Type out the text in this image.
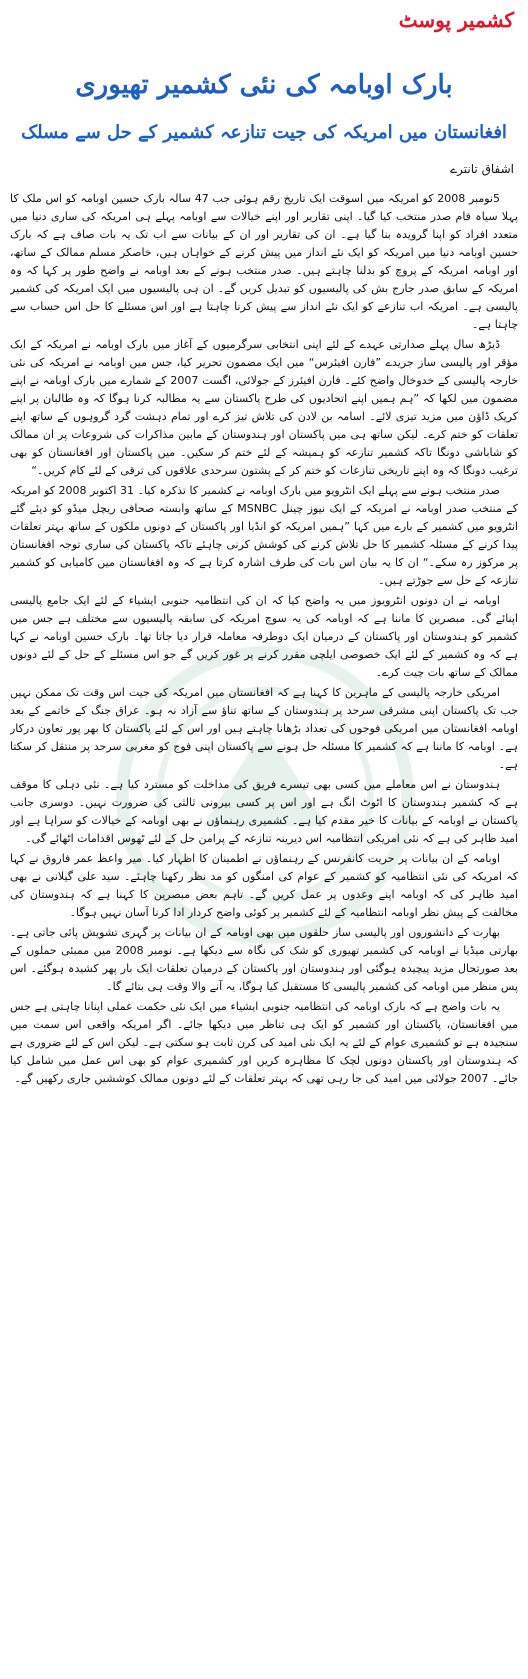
کشمیر پوسٹ
بارک اوبامہ کی نئی کشمیر تھیوری
افغانستان میں امریکہ کی جیت تنازعہ کشمیر کے حل سے مسلک
اشفاق تانترے

5نومبر 2008 کو امریکہ میں اسوقت ایک تاریخ رقم ہوئی جب 47 سالہ بارک حسین اوبامہ کو اس ملک کا پہلا سیاہ فام صدر منتخب کیا گیا۔ اپنی تقاریر اور اپنے خیالات سے اوبامہ پہلے ہی امریکہ کی ساری دنیا میں متعدد افراد کو اپنا گرویدہ بنا گیا ہے۔ ان کی تقاریر اور ان کے بیانات سے اب تک یہ بات صاف ہے کہ بارک حسین اوبامہ دنیا میں امریکہ کو ایک نئے انداز میں پیش کرنے کے خواہاں ہیں، خاصکر مسلم ممالک کے ساتھ، اور اوبامہ امریکہ کے پروچ کو بدلنا چاہتے ہیں۔ صدر منتخب ہونے کے بعد اوبامہ نے واضح طور پر کہا کہ وہ امریکہ کے سابق صدر جارج بش کی پالیسیوں کو تبدیل کریں گے۔ ان ہی پالیسیوں میں ایک امریکہ کی کشمیر پالیسی ہے۔ امریکہ اب تنازعے کو ایک نئے انداز سے پیش کرنا چاہتا ہے اور اس مسئلے کا حل اس حساب سے چاہتا ہے۔

ڈیڑھ سال پہلے صدارتی عہدے کے لئے اپنی انتخابی سرگرمیوں کے آغاز میں بارک اوبامہ نے امریکہ کے ایک مؤقر اور پالیسی ساز جریدے ”فارن افیئرس“ میں ایک مضمون تحریر کیا، جس میں اوبامہ نے امریکہ کی نئی خارجہ پالیسی کے خدوخال واضح کئے۔ فارن افیئرز کے جولائی، اگست 2007 کے شمارے میں بارک اوبامہ نے اپنے مضمون میں لکھا کہ ”ہم ہمیں اپنے اتحادیوں کی طرح پاکستان سے یہ مطالبہ کرنا ہوگا کہ وہ طالبان پر اپنے کریک ڈاؤن میں مزید تیزی لائے۔ اسامہ بن لادن کی تلاش تیز کرے اور تمام دہشت گرد گروہوں کے ساتھ اپنے تعلقات کو ختم کرے۔ لیکن ساتھ ہی میں پاکستان اور ہندوستان کے مابین مذاکرات کی شروعات پر ان ممالک کو شاباشی دونگا تاکہ کشمیر تنازعہ کو ہمیشہ کے لئے ختم کر سکیں۔ میں پاکستان اور افغانستان کو بھی ترغیب دونگا کہ وہ اپنے تاریخی تنازعات کو ختم کر کے پشتون سرحدی علاقوں کی ترقی کے لئے کام کریں۔“

صدر منتخب ہونے سے پہلے ایک انٹرویو میں بارک اوبامہ نے کشمیر کا تذکرہ کیا۔ 31 اکتوبر 2008 کو امریکہ کے منتخب صدر اوبامہ نے امریکہ کے ایک نیوز چینل MSNBC کے ساتھ وابستہ صحافی ریچل میڈو کو دیئے گئے انٹرویو میں کشمیر کے بارے میں کہا ”ہمیں امریکہ کو انڈیا اور پاکستان کے دونوں ملکوں کے ساتھ بہتر تعلقات پیدا کرنے کے مسئلہ کشمیر کا حل تلاش کرنے کی کوشش کرنی چاہئے تاکہ پاکستان کی ساری توجہ افغانستان پر مرکوز رہ سکے۔“ ان کا یہ بیان اس بات کی طرف اشارہ کرتا ہے کہ وہ افغانستان میں کامیابی کو کشمیر تنازعہ کے حل سے جوڑتے ہیں۔

اوبامہ نے ان دونوں انٹرویوز میں یہ واضح کیا کہ ان کی انتظامیہ جنوبی ایشیاء کے لئے ایک جامع پالیسی اپنائے گی۔ مبصرین کا ماننا ہے کہ اوبامہ کی یہ سوچ امریکہ کی سابقہ پالیسیوں سے مختلف ہے جس میں کشمیر کو ہندوستان اور پاکستان کے درمیان ایک دوطرفہ معاملہ قرار دیا جاتا تھا۔ بارک حسین اوبامہ نے کہا ہے کہ وہ کشمیر کے لئے ایک خصوصی ایلچی مقرر کرنے پر غور کریں گے جو اس مسئلے کے حل کے لئے دونوں ممالک کے ساتھ بات چیت کرے۔

امریکی خارجہ پالیسی کے ماہرین کا کہنا ہے کہ افغانستان میں امریکہ کی جیت اس وقت تک ممکن نہیں جب تک پاکستان اپنی مشرقی سرحد پر ہندوستان کے ساتھ تناؤ سے آزاد نہ ہو۔ عراق جنگ کے خاتمے کے بعد اوبامہ افغانستان میں امریکی فوجوں کی تعداد بڑھانا چاہتے ہیں اور اس کے لئے پاکستان کا بھر پور تعاون درکار ہے۔ اوبامہ کا ماننا ہے کہ کشمیر کا مسئلہ حل ہونے سے پاکستان اپنی فوج کو مغربی سرحد پر منتقل کر سکتا ہے۔

ہندوستان نے اس معاملے میں کسی بھی تیسرے فریق کی مداخلت کو مسترد کیا ہے۔ نئی دہلی کا موقف ہے کہ کشمیر ہندوستان کا اٹوٹ انگ ہے اور اس پر کسی بیرونی ثالثی کی ضرورت نہیں۔ دوسری جانب پاکستان نے اوبامہ کے بیانات کا خیر مقدم کیا ہے۔ کشمیری رہنماؤں نے بھی اوبامہ کے خیالات کو سراہا ہے اور امید ظاہر کی ہے کہ نئی امریکی انتظامیہ اس دیرینہ تنازعہ کے پرامن حل کے لئے ٹھوس اقدامات اٹھائے گی۔

اوبامہ کے ان بیانات پر حریت کانفرنس کے رہنماؤں نے اطمینان کا اظہار کیا۔ میر واعظ عمر فاروق نے کہا کہ امریکہ کی نئی انتظامیہ کو کشمیر کے عوام کی امنگوں کو مد نظر رکھنا چاہئے۔ سید علی گیلانی نے بھی امید ظاہر کی کہ اوبامہ اپنے وعدوں پر عمل کریں گے۔ تاہم بعض مبصرین کا کہنا ہے کہ ہندوستان کی مخالفت کے پیش نظر اوبامہ انتظامیہ کے لئے کشمیر پر کوئی واضح کردار ادا کرنا آسان نہیں ہوگا۔

بھارت کے دانشوروں اور پالیسی ساز حلقوں میں بھی اوبامہ کے ان بیانات پر گہری تشویش پائی جاتی ہے۔ بھارتی میڈیا نے اوبامہ کی کشمیر تھیوری کو شک کی نگاہ سے دیکھا ہے۔ نومبر 2008 میں ممبئی حملوں کے بعد صورتحال مزید پیچیدہ ہوگئی اور ہندوستان اور پاکستان کے درمیان تعلقات ایک بار پھر کشیدہ ہوگئے۔ اس پس منظر میں اوبامہ کی کشمیر پالیسی کا مستقبل کیا ہوگا، یہ آنے والا وقت ہی بتائے گا۔

یہ بات واضح ہے کہ بارک اوبامہ کی انتظامیہ جنوبی ایشیاء میں ایک نئی حکمت عملی اپنانا چاہتی ہے جس میں افغانستان، پاکستان اور کشمیر کو ایک ہی تناظر میں دیکھا جائے۔ اگر امریکہ واقعی اس سمت میں سنجیدہ ہے تو کشمیری عوام کے لئے یہ ایک نئی امید کی کرن ثابت ہو سکتی ہے۔ لیکن اس کے لئے ضروری ہے کہ ہندوستان اور پاکستان دونوں لچک کا مظاہرہ کریں اور کشمیری عوام کو بھی اس عمل میں شامل کیا جائے۔ 2007 جولائی میں امید کی جا رہی تھی کہ بہتر تعلقات کے لئے دونوں ممالک کوششیں جاری رکھیں گے۔
